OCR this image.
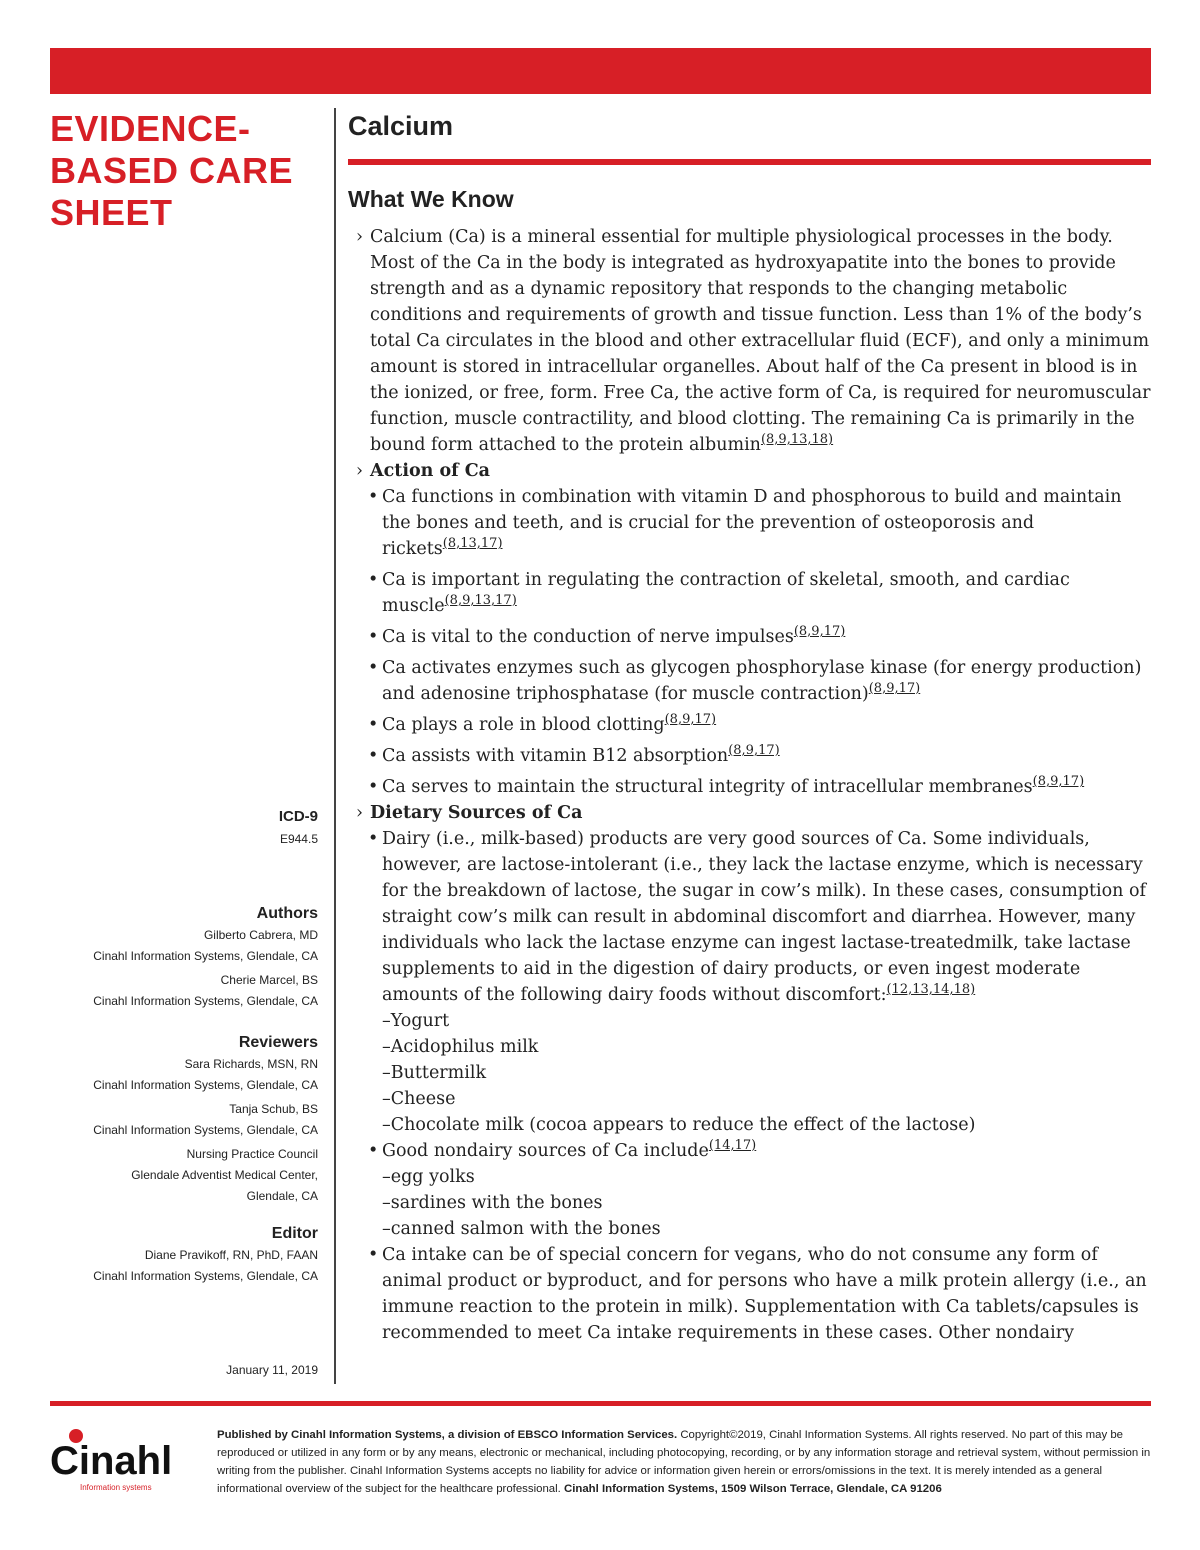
EVIDENCE-
BASED CARE
SHEET
ICD-9
E944.5
Authors
Gilberto Cabrera, MD
Cinahl Information Systems, Glendale, CA
Cherie Marcel, BS
Cinahl Information Systems, Glendale, CA
Reviewers
Sara Richards, MSN, RN
Cinahl Information Systems, Glendale, CA
Tanja Schub, BS
Cinahl Information Systems, Glendale, CA
Nursing Practice Council
Glendale Adventist Medical Center,
Glendale, CA
Editor
Diane Pravikoff, RN, PhD, FAAN
Cinahl Information Systems, Glendale, CA
January 11, 2019
Calcium
What We Know

› Calcium (Ca) is a mineral essential for multiple physiological processes in the body. Most of the Ca in the body is integrated as hydroxyapatite into the bones to provide strength and as a dynamic repository that responds to the changing metabolic conditions and requirements of growth and tissue function. Less than 1% of the body’s total Ca circulates in the blood and other extracellular fluid (ECF), and only a minimum amount is stored in intracellular organelles. About half of the Ca present in blood is in the ionized, or free, form. Free Ca, the active form of Ca, is required for neuromuscular function, muscle contractility, and blood clotting. The remaining Ca is primarily in the bound form attached to the protein albumin$^{(8,9,13,18)}$

› Action of Ca

• Ca functions in combination with vitamin D and phosphorous to build and maintain the bones and teeth, and is crucial for the prevention of osteoporosis and rickets$^{(8,13,17)}$

• Ca is important in regulating the contraction of skeletal, smooth, and cardiac muscle$^{(8,9,13,17)}$

• Ca is vital to the conduction of nerve impulses$^{(8,9,17)}$

• Ca activates enzymes such as glycogen phosphorylase kinase (for energy production) and adenosine triphosphatase (for muscle contraction)$^{(8,9,17)}$

• Ca plays a role in blood clotting$^{(8,9,17)}$

• Ca assists with vitamin B12 absorption$^{(8,9,17)}$

• Ca serves to maintain the structural integrity of intracellular membranes$^{(8,9,17)}$

› Dietary Sources of Ca

• Dairy (i.e., milk-based) products are very good sources of Ca. Some individuals, however, are lactose-intolerant (i.e., they lack the lactase enzyme, which is necessary for the breakdown of lactose, the sugar in cow’s milk). In these cases, consumption of straight cow’s milk can result in abdominal discomfort and diarrhea. However, many individuals who lack the lactase enzyme can ingest lactase-treatedmilk, take lactase supplements to aid in the digestion of dairy products, or even ingest moderate amounts of the following dairy foods without discomfort:$^{(12,13,14,18)}$

–Yogurt

–Acidophilus milk

–Buttermilk

–Cheese

–Chocolate milk (cocoa appears to reduce the effect of the lactose)

• Good nondairy sources of Ca include$^{(14,17)}$

–egg yolks

–sardines with the bones

–canned salmon with the bones

• Ca intake can be of special concern for vegans, who do not consume any form of animal product or byproduct, and for persons who have a milk protein allergy (i.e., an immune reaction to the protein in milk). Supplementation with Ca tablets/capsules is recommended to meet Ca intake requirements in these cases. Other nondairy

Cinahl
Information systems
Published by Cinahl Information Systems, a division of EBSCO Information Services. Copyright©2019, Cinahl Information Systems. All rights reserved. No part of this may be reproduced or utilized in any form or by any means, electronic or mechanical, including photocopying, recording, or by any information storage and retrieval system, without permission in writing from the publisher. Cinahl Information Systems accepts no liability for advice or information given herein or errors/omissions in the text. It is merely intended as a general informational overview of the subject for the healthcare professional. Cinahl Information Systems, 1509 Wilson Terrace, Glendale, CA 91206
